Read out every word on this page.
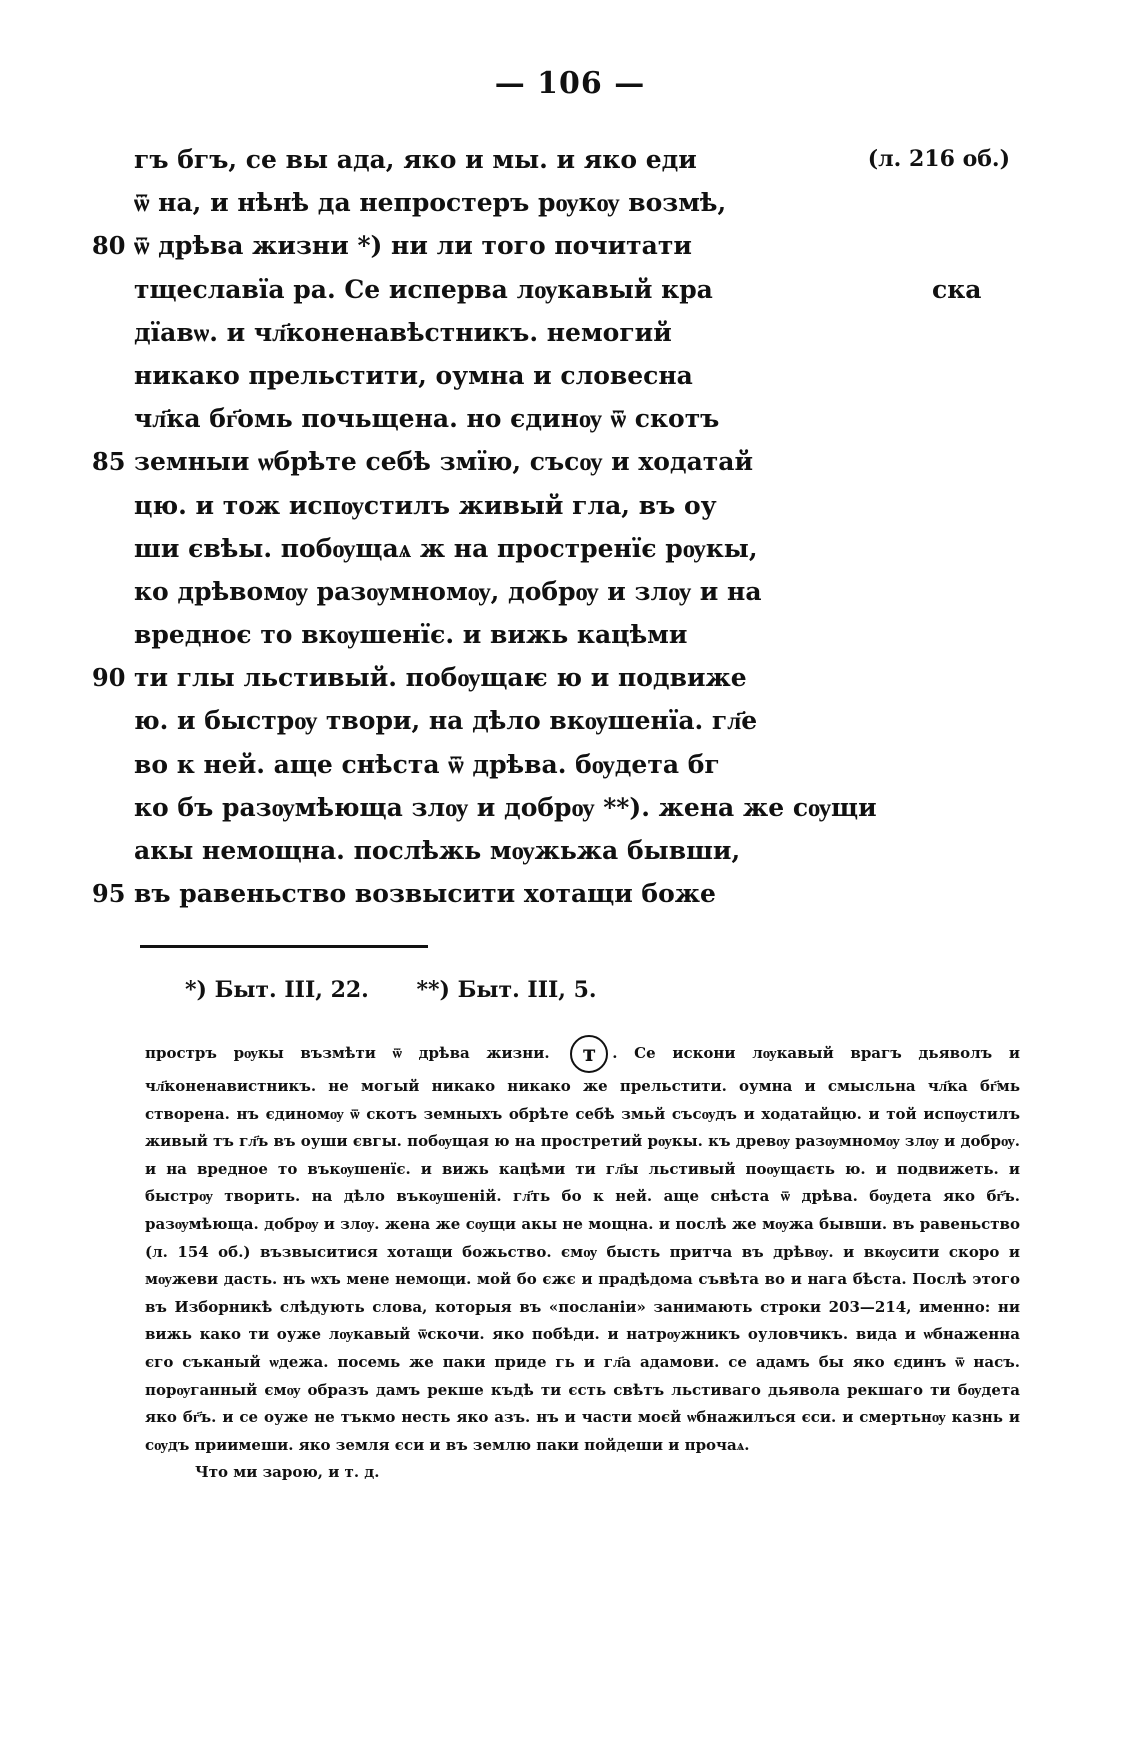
— 106 —
гъ бгъ, се вы ада, яко и мы. и яко еди	(л. 216 об.)
ѿ на, и нѣнѣ да непростеръ рѹкѹ возмѣ,
80 ѿ дрѣва жизни *) ни ли того почитати
тщеславїа ра. Се исперва лѹкавый кра	ска
дїавѡ. и чл҃коненавѣстникъ. немогий
никако прельстити, оумна и словесна
чл҃ка бг҃омь почьщена. но єдинѹ ѿ скотъ
85 земныи ѡбрѣте себѣ змїю, съсѹ и ходатай
цю. и тож испѹстилъ живый гла, въ оу
ши євѣы. побѹщаѧ ж на простренїє рѹкы,
ко дрѣвомѹ разѹмномѹ, добрѹ и злѹ и на
вредноє то вкѹшенїє. и вижь кацѣми
90 ти глы льстивый. побѹщаѥ ю и подвиже
ю. и быстрѹ твори, на дѣло вкѹшенїа. гл҃е
во к ней. аще снѣста ѿ дрѣва. бѹдета бг
ко бъ разѹмѣюща злѹ и добрѹ **). жена же сѹщи
акы немощна. послѣжь мѹжьжа бывши,
95 въ равеньство возвысити хотащи боже
*) Быт. III, 22. **) Быт. III, 5.

простръ рѹкы възмѣти ѿ дрѣва жизни. т . Се искони лѹкавый врагъ дьяволъ и чл҃коненавистникъ. не могый никако никако же прельстити. оумна и смысльна чл҃ка бг҃мь створена. нъ єдиномѹ ѿ скотъ земныхъ обрѣте себѣ змьй съсѹдъ и ходатайцю. и той испѹстилъ живый тъ гл҃ъ въ оуши євгы. побѹщая ю на простретий рѹкы. къ древѹ разѹмномѹ злѹ и добрѹ. и на вредное то въкѹшенїє. и вижь кацѣми ти гл҃ы льстивый поѹщаєть ю. и подвижеть. и быстрѹ творить. на дѣло въкѹшеній. гл҃ть бо к ней. аще снѣста ѿ дрѣва. бѹдета яко бг҃ъ. разѹмѣюща. добрѹ и злѹ. жена же сѹщи акы не мощна. и послѣ же мѹжа бывши. въ равеньство (л. 154 об.) възвыситися хотащи божьство. ємѹ бысть притча въ дрѣвѹ. и вкѹсити скоро и мѹжеви дасть. нъ ѡхъ мене немощи. мой бо єжє и прадѣдома съвѣта во и нага бѣста. Послѣ этого въ Изборникѣ слѣдують слова, которыя въ «посланіи» занимають строки 203—214, именно: ни вижь како ти оуже лѹкавый ѿскочи. яко побѣди. и натрѹжникъ оуловчикъ. вида и ѡбнаженна єго съканый ѡдежа. посемь же паки приде гь и гл҃а адамови. се адамъ бы яко єдинъ ѿ насъ. порѹганный ємѹ образъ дамъ рекше къдѣ ти єсть свѣтъ льстиваго дьявола рекшаго ти бѹдета яко бг҃ъ. и се оуже не тъкмо несть яко азъ. нъ и части моєй ѡбнажилъся єси. и смертьнѹ казнь и сѹдъ приимеши. яко земля єси и въ землю паки пойдеши и прочаѧ.

Что ми зарою, и т. д.
